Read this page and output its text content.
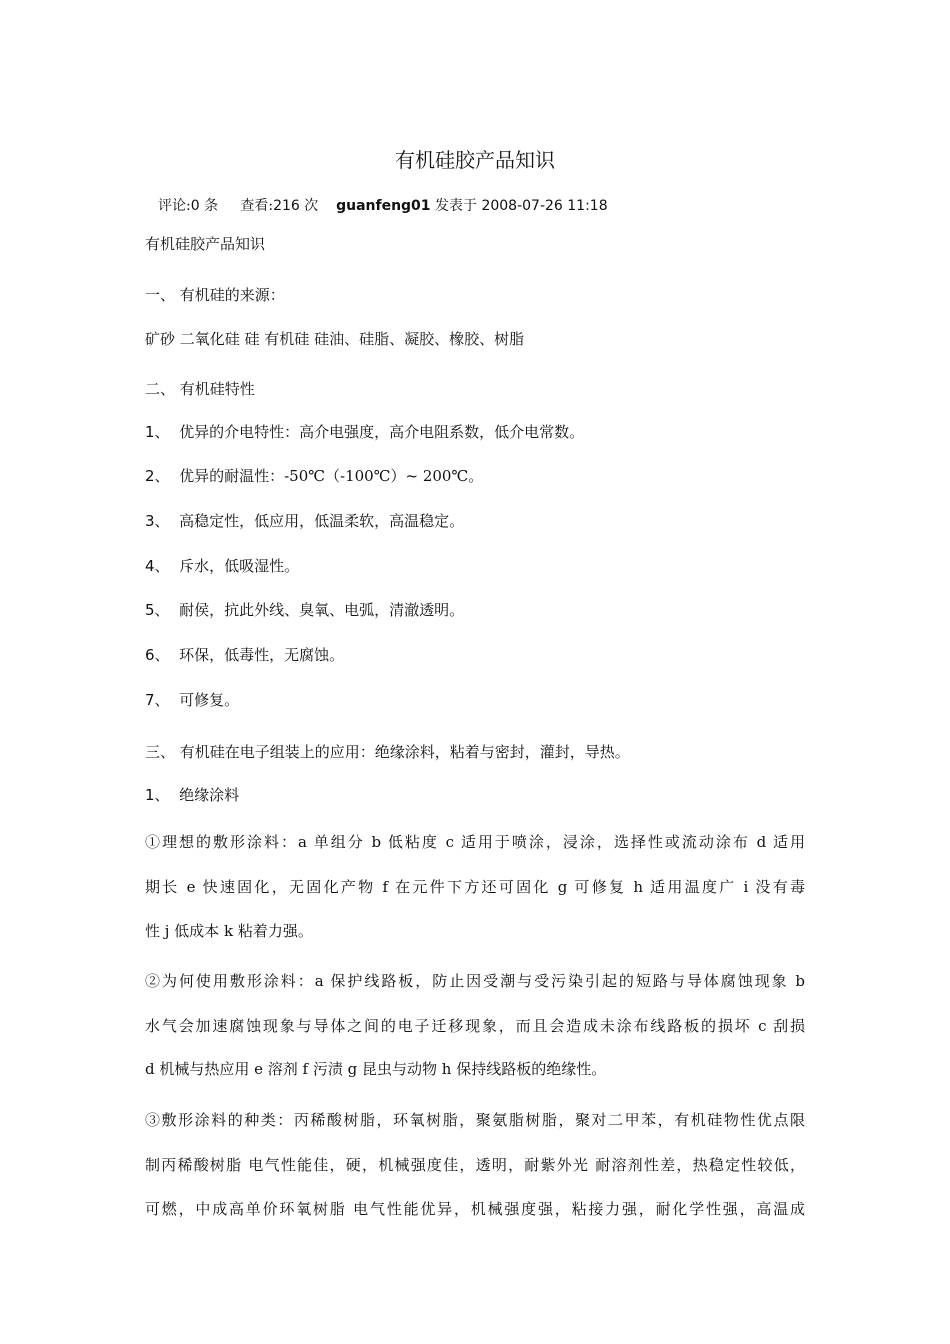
有机硅胶产品知识
评论:0 条 查看:216 次 guanfeng01 发表于 2008-07-26 11:18
有机硅胶产品知识
一、 有机硅的来源：
矿砂 二氧化硅 硅 有机硅 硅油、硅脂、凝胶、橡胶、树脂
二、 有机硅特性
1、 优异的介电特性：高介电强度，高介电阻系数，低介电常数。
2、 优异的耐温性：-50℃（-100℃）~ 200℃。
3、 高稳定性，低应用，低温柔软，高温稳定。
4、 斥水，低吸湿性。
5、 耐侯，抗此外线、臭氧、电弧，清澈透明。
6、 环保，低毒性，无腐蚀。
7、 可修复。
三、 有机硅在电子组装上的应用：绝缘涂料，粘着与密封，灌封，导热。
1、 绝缘涂料
①理想的敷形涂料：a 单组分 b 低粘度 c 适用于喷涂，浸涂，选择性或流动涂布 d 适用
期长 e 快速固化，无固化产物 f 在元件下方还可固化 g 可修复 h 适用温度广 i 没有毒
性 j 低成本 k 粘着力强。
②为何使用敷形涂料：a 保护线路板，防止因受潮与受污染引起的短路与导体腐蚀现象 b
水气会加速腐蚀现象与导体之间的电子迁移现象，而且会造成未涂布线路板的损坏 c 刮损
d 机械与热应用 e 溶剂 f 污渍 g 昆虫与动物 h 保持线路板的绝缘性。
③敷形涂料的种类：丙稀酸树脂，环氧树脂，聚氨脂树脂，聚对二甲苯，有机硅物性优点限
制丙稀酸树脂 电气性能佳，硬，机械强度佳，透明，耐紫外光 耐溶剂性差，热稳定性较低，
可燃，中成高单价环氧树脂 电气性能优异，机械强度强，粘接力强，耐化学性强，高温成
